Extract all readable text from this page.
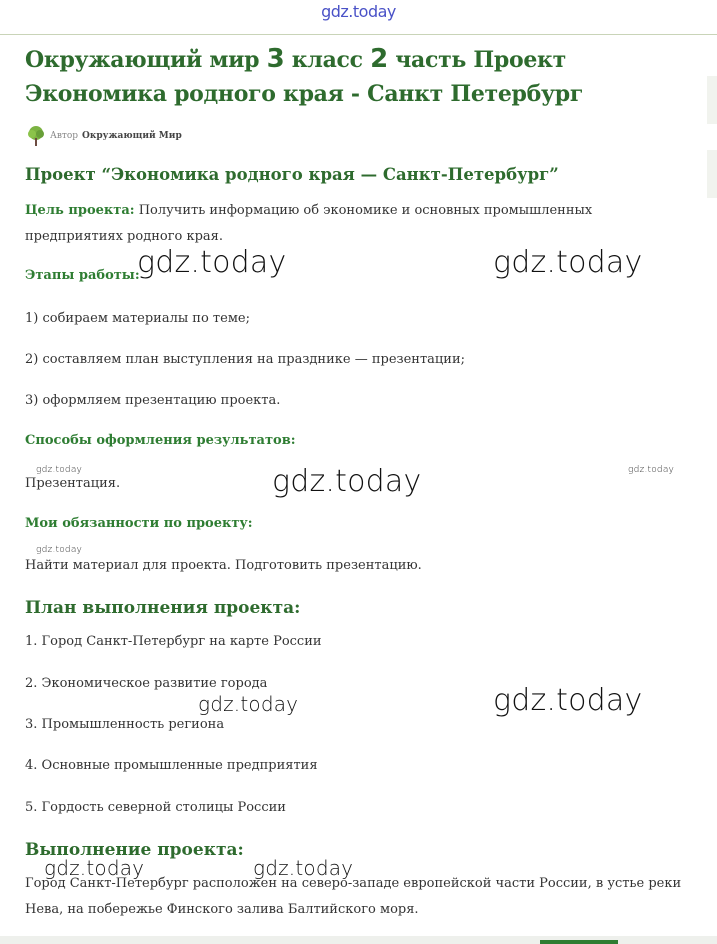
gdz.today
Окружающий мир 3 класс 2 часть Проект Экономика родного края - Санкт Петербург
Автор Окружающий Мир
Проект “Экономика родного края — Санкт-Петербург”
Цель проекта: Получить информацию об экономике и основных промышленных предприятиях родного края.
Этапы работы:
1) собираем материалы по теме;
2) составляем план выступления на празднике — презентации;
3) оформляем презентацию проекта.
Способы оформления результатов:
Презентация.
Мои обязанности по проекту:
Найти материал для проекта. Подготовить презентацию.
План выполнения проекта:
1. Город Санкт-Петербург на карте России
2. Экономическое развитие города
3. Промышленность региона
4. Основные промышленные предприятия
5. Гордость северной столицы России
Выполнение проекта:
Город Санкт-Петербург расположен на северо-западе европейской части России, в устье реки Нева, на побережье Финского залива Балтийского моря.
gdz.today	gdz.today
gdz.today	gdz.today
gdz.today
gdz.today
gdz.today	gdz.today
gdz.today	gdz.today
